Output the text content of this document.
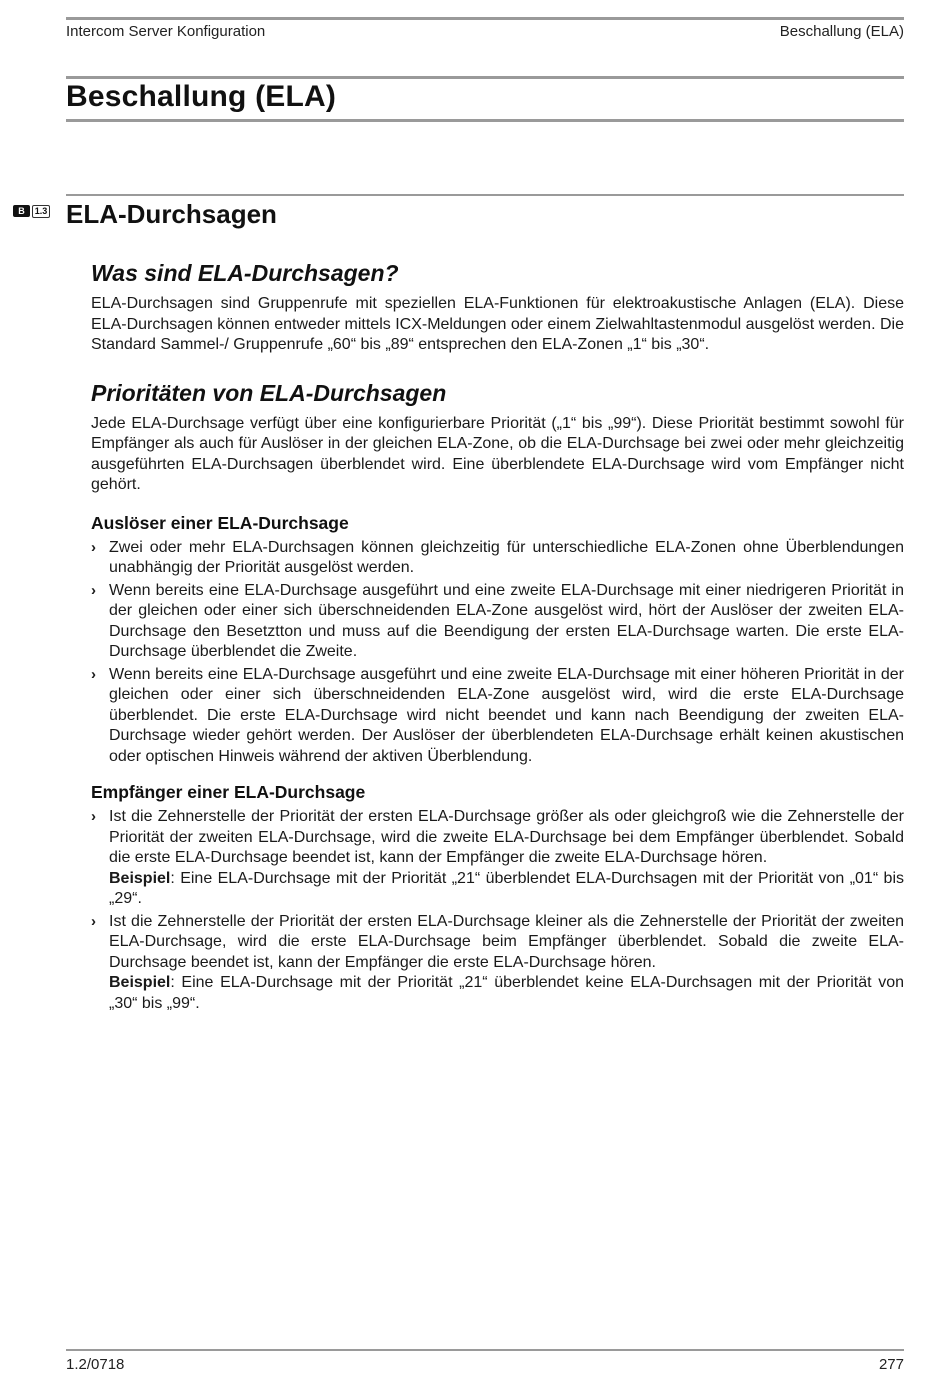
Intercom Server Konfiguration	Beschallung (ELA)
Beschallung (ELA)
B	1.3 ELA-Durchsagen
Was sind ELA-Durchsagen?

ELA-Durchsagen sind Gruppenrufe mit speziellen ELA-Funktionen für elektroakustische Anlagen (ELA). Diese ELA-Durchsagen können entweder mittels ICX-Meldungen oder einem Zielwahltastenmodul ausgelöst werden. Die Standard Sammel-/ Gruppenrufe „60“ bis „89“ entsprechen den ELA-Zonen „1“ bis „30“.

Prioritäten von ELA-Durchsagen

Jede ELA-Durchsage verfügt über eine konfigurierbare Priorität („1“ bis „99“). Diese Priorität bestimmt sowohl für Empfänger als auch für Auslöser in der gleichen ELA-Zone, ob die ELA-Durchsage bei zwei oder mehr gleichzeitig ausgeführten ELA-Durchsagen überblendet wird. Eine überblendete ELA-Durchsage wird vom Empfänger nicht gehört.

Auslöser einer ELA-Durchsage
› Zwei oder mehr ELA-Durchsagen können gleichzeitig für unterschiedliche ELA-Zonen ohne Überblendungen unabhängig der Priorität ausgelöst werden.
› Wenn bereits eine ELA-Durchsage ausgeführt und eine zweite ELA-Durchsage mit einer niedrigeren Priorität in der gleichen oder einer sich überschneidenden ELA-Zone ausgelöst wird, hört der Auslöser der zweiten ELA-Durchsage den Besetztton und muss auf die Beendigung der ersten ELA-Durchsage warten. Die erste ELA-Durchsage überblendet die Zweite.
› Wenn bereits eine ELA-Durchsage ausgeführt und eine zweite ELA-Durchsage mit einer höheren Priorität in der gleichen oder einer sich überschneidenden ELA-Zone ausgelöst wird, wird die erste ELA-Durchsage überblendet. Die erste ELA-Durchsage wird nicht beendet und kann nach Beendigung der zweiten ELA-Durchsage wieder gehört werden. Der Auslöser der überblendeten ELA-Durchsage erhält keinen akustischen oder optischen Hinweis während der aktiven Überblendung.
Empfänger einer ELA-Durchsage
› Ist die Zehnerstelle der Priorität der ersten ELA-Durchsage größer als oder gleichgroß wie die Zehnerstelle der Priorität der zweiten ELA-Durchsage, wird die zweite ELA-Durchsage bei dem Empfänger überblendet. Sobald die erste ELA-Durchsage beendet ist, kann der Empfänger die zweite ELA-Durchsage hören.
Beispiel: Eine ELA-Durchsage mit der Priorität „21“ überblendet ELA-Durchsagen mit der Priorität von „01“ bis „29“.
› Ist die Zehnerstelle der Priorität der ersten ELA-Durchsage kleiner als die Zehnerstelle der Priorität der zweiten ELA-Durchsage, wird die erste ELA-Durchsage beim Empfänger überblendet. Sobald die zweite ELA-Durchsage beendet ist, kann der Empfänger die erste ELA-Durchsage hören.
Beispiel: Eine ELA-Durchsage mit der Priorität „21“ überblendet keine ELA-Durchsagen mit der Priorität von „30“ bis „99“.
1.2/0718	277
